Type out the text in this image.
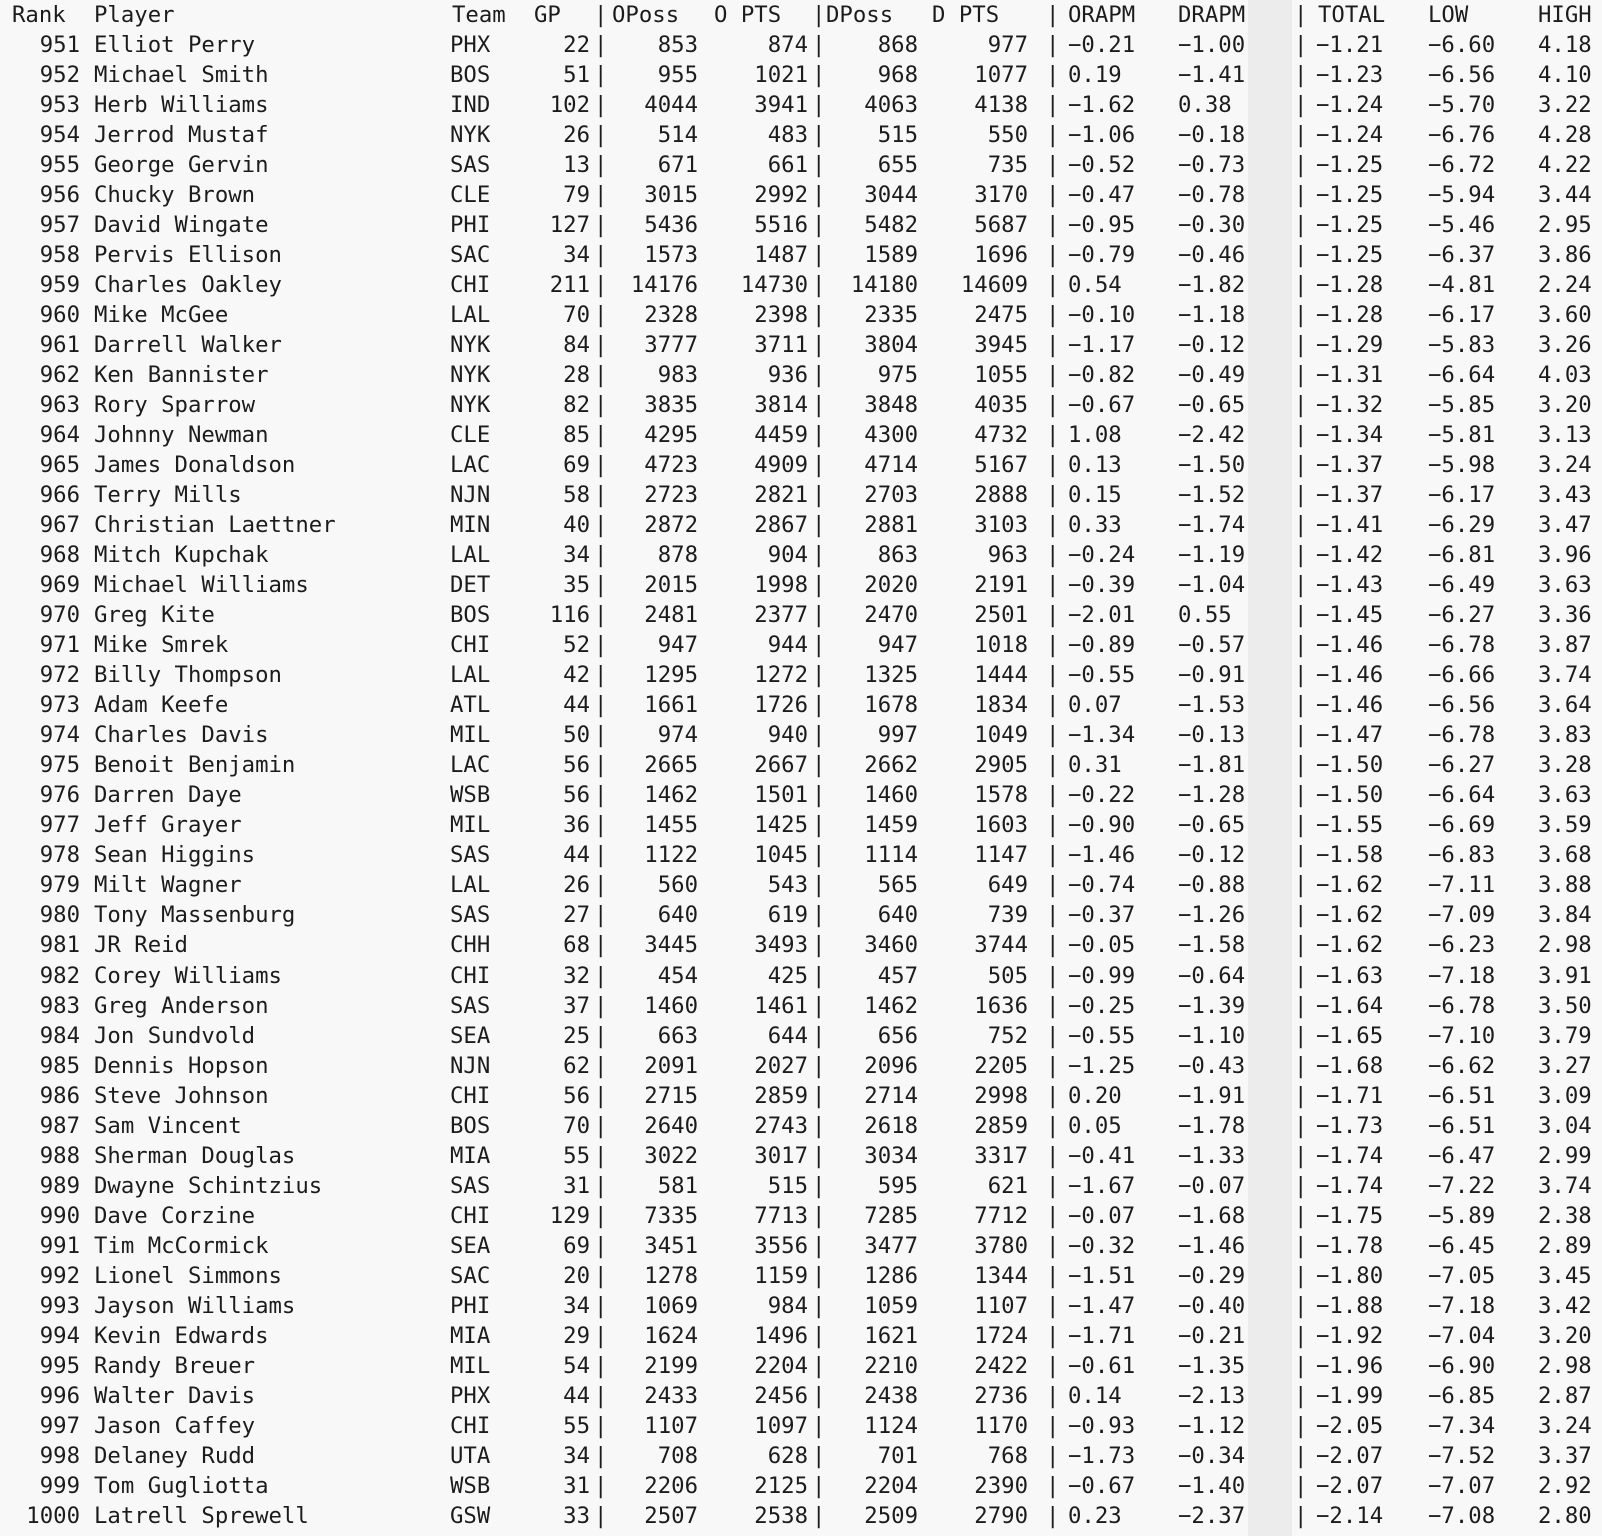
Rank Player	Team GP OPoss O PTS DPoss D PTS	ORAPM DRAPM	TOTAL LOW	HIGH
|	|	|	|
951 Elliot Perry	PHX	22 | 853	874 | 868	977 | −0.21 −1.00 | −1.21 −6.60 4.18
952 Michael Smith	BOS	51 | 955	1021 | 968	1077 | 0.19	−1.41 | −1.23 −6.56 4.10
953 Herb Williams	IND	102 | 4044	3941 | 4063	4138 | −1.62 0.38	| −1.24 −5.70 3.22
954 Jerrod Mustaf	NYK	26 | 514	483 | 515	550 | −1.06 −0.18 | −1.24 −6.76 4.28
955 George Gervin	SAS	13 | 671	661 | 655	735 | −0.52 −0.73 | −1.25 −6.72 4.22
956 Chucky Brown	CLE	79 | 3015	2992 | 3044	3170 | −0.47 −0.78 | −1.25 −5.94 3.44
957 David Wingate	PHI	127 | 5436	5516 | 5482	5687 | −0.95 −0.30 | −1.25 −5.46 2.95
958 Pervis Ellison	SAC	34 | 1573	1487 | 1589	1696 | −0.79 −0.46 | −1.25 −6.37 3.86
959 Charles Oakley	CHI	211 | 14176 14730 | 14180 14609 | 0.54	−1.82 | −1.28 −4.81 2.24
960 Mike McGee	LAL	70 | 2328	2398 | 2335	2475 | −0.10 −1.18 | −1.28 −6.17 3.60
961 Darrell Walker	NYK	84 | 3777	3711 | 3804	3945 | −1.17 −0.12 | −1.29 −5.83 3.26
962 Ken Bannister	NYK	28 | 983	936 | 975	1055 | −0.82 −0.49 | −1.31 −6.64 4.03
963 Rory Sparrow	NYK	82 | 3835	3814 | 3848	4035 | −0.67 −0.65 | −1.32 −5.85 3.20
964 Johnny Newman	CLE	85 | 4295	4459 | 4300	4732 | 1.08	−2.42 | −1.34 −5.81 3.13
965 James Donaldson	LAC	69 | 4723	4909 | 4714	5167 | 0.13	−1.50 | −1.37 −5.98 3.24
966 Terry Mills	NJN	58 | 2723	2821 | 2703	2888 | 0.15	−1.52 | −1.37 −6.17 3.43
967 Christian Laettner	MIN	40 | 2872	2867 | 2881	3103 | 0.33	−1.74 | −1.41 −6.29 3.47
968 Mitch Kupchak	LAL	34 | 878	904 | 863	963 | −0.24 −1.19 | −1.42 −6.81 3.96
969 Michael Williams	DET	35 | 2015	1998 | 2020	2191 | −0.39 −1.04 | −1.43 −6.49 3.63
970 Greg Kite	BOS	116 | 2481	2377 | 2470	2501 | −2.01 0.55	| −1.45 −6.27 3.36
971 Mike Smrek	CHI	52 | 947	944 | 947	1018 | −0.89 −0.57 | −1.46 −6.78 3.87
972 Billy Thompson	LAL	42 | 1295	1272 | 1325	1444 | −0.55 −0.91 | −1.46 −6.66 3.74
973 Adam Keefe	ATL	44 | 1661	1726 | 1678	1834 | 0.07	−1.53 | −1.46 −6.56 3.64
974 Charles Davis	MIL	50 | 974	940 | 997	1049 | −1.34 −0.13 | −1.47 −6.78 3.83
975 Benoit Benjamin	LAC	56 | 2665	2667 | 2662	2905 | 0.31	−1.81 | −1.50 −6.27 3.28
976 Darren Daye	WSB	56 | 1462	1501 | 1460	1578 | −0.22 −1.28 | −1.50 −6.64 3.63
977 Jeff Grayer	MIL	36 | 1455	1425 | 1459	1603 | −0.90 −0.65 | −1.55 −6.69 3.59
978 Sean Higgins	SAS	44 | 1122	1045 | 1114	1147 | −1.46 −0.12 | −1.58 −6.83 3.68
979 Milt Wagner	LAL	26 | 560	543 | 565	649 | −0.74 −0.88 | −1.62 −7.11 3.88
980 Tony Massenburg	SAS	27 | 640	619 | 640	739 | −0.37 −1.26 | −1.62 −7.09 3.84
981 JR Reid	CHH	68 | 3445	3493 | 3460	3744 | −0.05 −1.58 | −1.62 −6.23 2.98
982 Corey Williams	CHI	32 | 454	425 | 457	505 | −0.99 −0.64 | −1.63 −7.18 3.91
983 Greg Anderson	SAS	37 | 1460	1461 | 1462	1636 | −0.25 −1.39 | −1.64 −6.78 3.50
984 Jon Sundvold	SEA	25 | 663	644 | 656	752 | −0.55 −1.10 | −1.65 −7.10 3.79
985 Dennis Hopson	NJN	62 | 2091	2027 | 2096	2205 | −1.25 −0.43 | −1.68 −6.62 3.27
986 Steve Johnson	CHI	56 | 2715	2859 | 2714	2998 | 0.20	−1.91 | −1.71 −6.51 3.09
987 Sam Vincent	BOS	70 | 2640	2743 | 2618	2859 | 0.05	−1.78 | −1.73 −6.51 3.04
988 Sherman Douglas	MIA	55 | 3022	3017 | 3034	3317 | −0.41 −1.33 | −1.74 −6.47 2.99
989 Dwayne Schintzius	SAS	31 | 581	515 | 595	621 | −1.67 −0.07 | −1.74 −7.22 3.74
990 Dave Corzine	CHI	129 | 7335	7713 | 7285	7712 | −0.07 −1.68 | −1.75 −5.89 2.38
991 Tim McCormick	SEA	69 | 3451	3556 | 3477	3780 | −0.32 −1.46 | −1.78 −6.45 2.89
992 Lionel Simmons	SAC	20 | 1278	1159 | 1286	1344 | −1.51 −0.29 | −1.80 −7.05 3.45
993 Jayson Williams	PHI	34 | 1069	984 | 1059	1107 | −1.47 −0.40 | −1.88 −7.18 3.42
994 Kevin Edwards	MIA	29 | 1624	1496 | 1621	1724 | −1.71 −0.21 | −1.92 −7.04 3.20
995 Randy Breuer	MIL	54 | 2199	2204 | 2210	2422 | −0.61 −1.35 | −1.96 −6.90 2.98
996 Walter Davis	PHX	44 | 2433	2456 | 2438	2736 | 0.14	−2.13 | −1.99 −6.85 2.87
997 Jason Caffey	CHI	55 | 1107	1097 | 1124	1170 | −0.93 −1.12 | −2.05 −7.34 3.24
998 Delaney Rudd	UTA	34 | 708	628 | 701	768 | −1.73 −0.34 | −2.07 −7.52 3.37
999 Tom Gugliotta	WSB	31 | 2206	2125 | 2204	2390 | −0.67 −1.40 | −2.07 −7.07 2.92
1000 Latrell Sprewell	GSW	33 | 2507	2538 | 2509	2790 | 0.23	−2.37 | −2.14 −7.08 2.80
